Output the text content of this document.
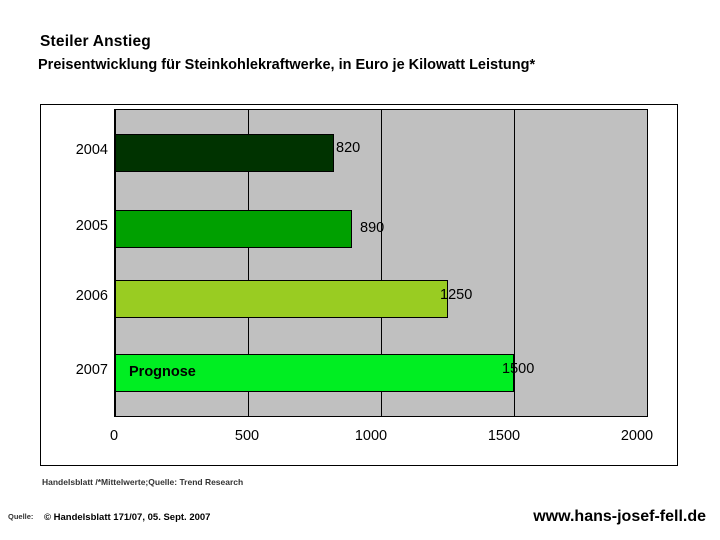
Steiler Anstieg
Preisentwicklung für Steinkohlekraftwerke, in Euro je Kilowatt Leistung*
Prognose
2004
2005
2006
2007
820
890
1250
1500
0	500	1000	1500	2000
Handelsblatt /*Mittelwerte;Quelle: Trend Research
Quelle: © Handelsblatt 171/07, 05. Sept. 2007	www.hans-josef-fell.de
